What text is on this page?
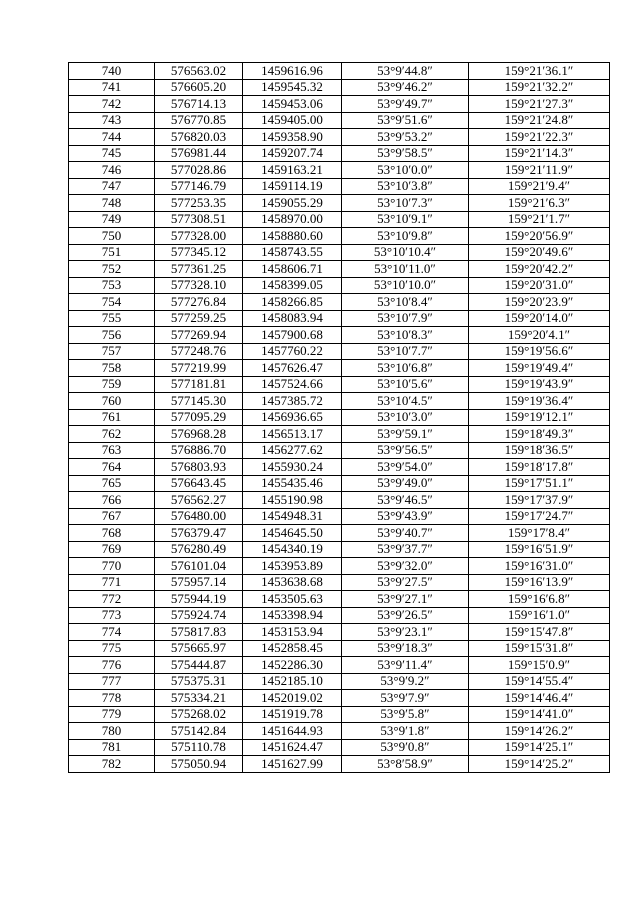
740	576563.02	1459616.96	53°9′44.8″	159°21′36.1″
741	576605.20	1459545.32	53°9′46.2″	159°21′32.2″
742	576714.13	1459453.06	53°9′49.7″	159°21′27.3″
743	576770.85	1459405.00	53°9′51.6″	159°21′24.8″
744	576820.03	1459358.90	53°9′53.2″	159°21′22.3″
745	576981.44	1459207.74	53°9′58.5″	159°21′14.3″
746	577028.86	1459163.21	53°10′0.0″	159°21′11.9″
747	577146.79	1459114.19	53°10′3.8″	159°21′9.4″
748	577253.35	1459055.29	53°10′7.3″	159°21′6.3″
749	577308.51	1458970.00	53°10′9.1″	159°21′1.7″
750	577328.00	1458880.60	53°10′9.8″	159°20′56.9″
751	577345.12	1458743.55	53°10′10.4″	159°20′49.6″
752	577361.25	1458606.71	53°10′11.0″	159°20′42.2″
753	577328.10	1458399.05	53°10′10.0″	159°20′31.0″
754	577276.84	1458266.85	53°10′8.4″	159°20′23.9″
755	577259.25	1458083.94	53°10′7.9″	159°20′14.0″
756	577269.94	1457900.68	53°10′8.3″	159°20′4.1″
757	577248.76	1457760.22	53°10′7.7″	159°19′56.6″
758	577219.99	1457626.47	53°10′6.8″	159°19′49.4″
759	577181.81	1457524.66	53°10′5.6″	159°19′43.9″
760	577145.30	1457385.72	53°10′4.5″	159°19′36.4″
761	577095.29	1456936.65	53°10′3.0″	159°19′12.1″
762	576968.28	1456513.17	53°9′59.1″	159°18′49.3″
763	576886.70	1456277.62	53°9′56.5″	159°18′36.5″
764	576803.93	1455930.24	53°9′54.0″	159°18′17.8″
765	576643.45	1455435.46	53°9′49.0″	159°17′51.1″
766	576562.27	1455190.98	53°9′46.5″	159°17′37.9″
767	576480.00	1454948.31	53°9′43.9″	159°17′24.7″
768	576379.47	1454645.50	53°9′40.7″	159°17′8.4″
769	576280.49	1454340.19	53°9′37.7″	159°16′51.9″
770	576101.04	1453953.89	53°9′32.0″	159°16′31.0″
771	575957.14	1453638.68	53°9′27.5″	159°16′13.9″
772	575944.19	1453505.63	53°9′27.1″	159°16′6.8″
773	575924.74	1453398.94	53°9′26.5″	159°16′1.0″
774	575817.83	1453153.94	53°9′23.1″	159°15′47.8″
775	575665.97	1452858.45	53°9′18.3″	159°15′31.8″
776	575444.87	1452286.30	53°9′11.4″	159°15′0.9″
777	575375.31	1452185.10	53°9′9.2″	159°14′55.4″
778	575334.21	1452019.02	53°9′7.9″	159°14′46.4″
779	575268.02	1451919.78	53°9′5.8″	159°14′41.0″
780	575142.84	1451644.93	53°9′1.8″	159°14′26.2″
781	575110.78	1451624.47	53°9′0.8″	159°14′25.1″
782	575050.94	1451627.99	53°8′58.9″	159°14′25.2″
